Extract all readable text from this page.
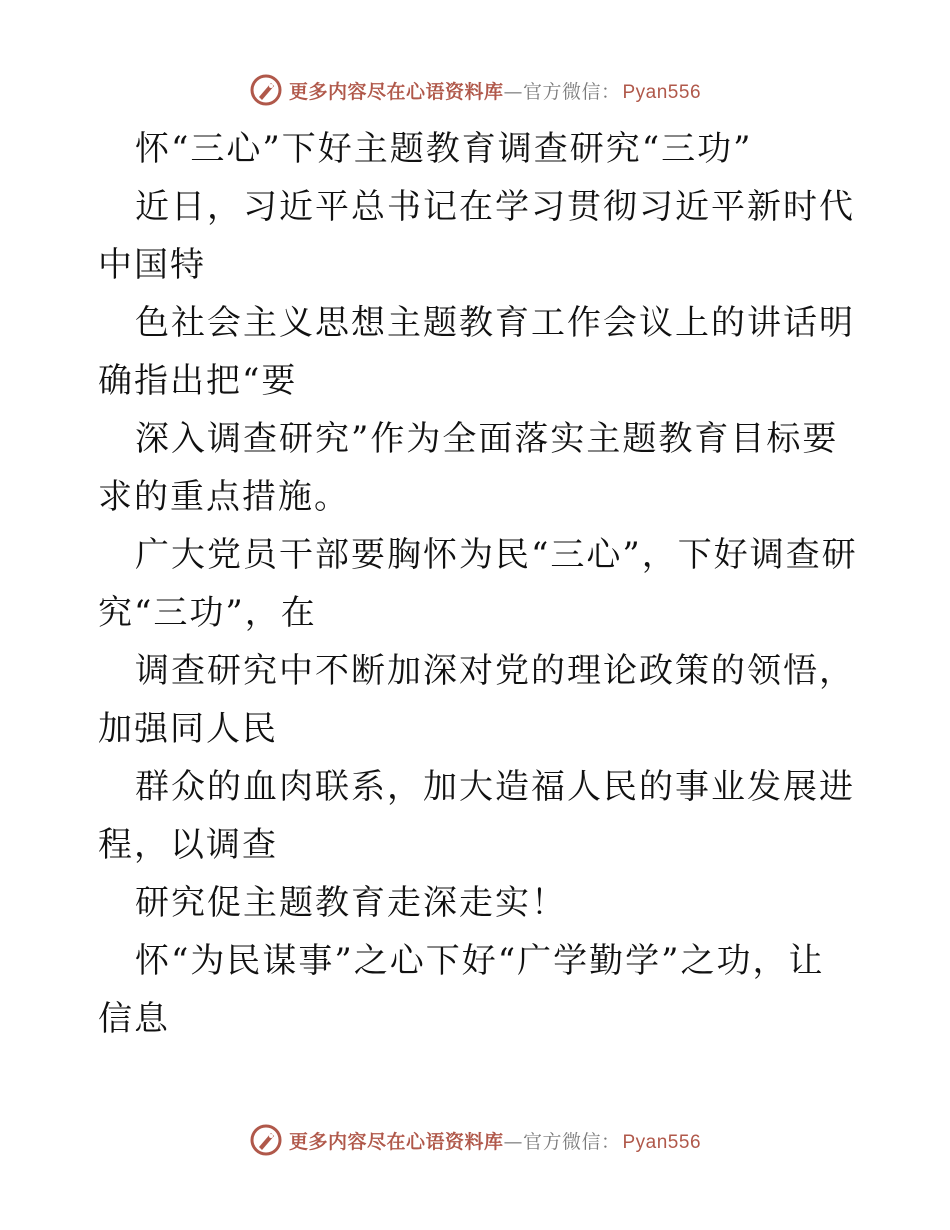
更多内容尽在心语资料库 — 官方微信： Pyan556

怀“三心”下好主题教育调查研究“三功”

近日，习近平总书记在学习贯彻习近平新时代中国特

色社会主义思想主题教育工作会议上的讲话明确指出把“要

深入调查研究”作为全面落实主题教育目标要求的重点措施。

广大党员干部要胸怀为民“三心”，下好调查研究“三功”，在

调查研究中不断加深对党的理论政策的领悟，加强同人民

群众的血肉联系，加大造福人民的事业发展进程，以调查

研究促主题教育走深走实！

怀“为民谋事”之心下好“广学勤学”之功，让信息

更多内容尽在心语资料库 — 官方微信： Pyan556
